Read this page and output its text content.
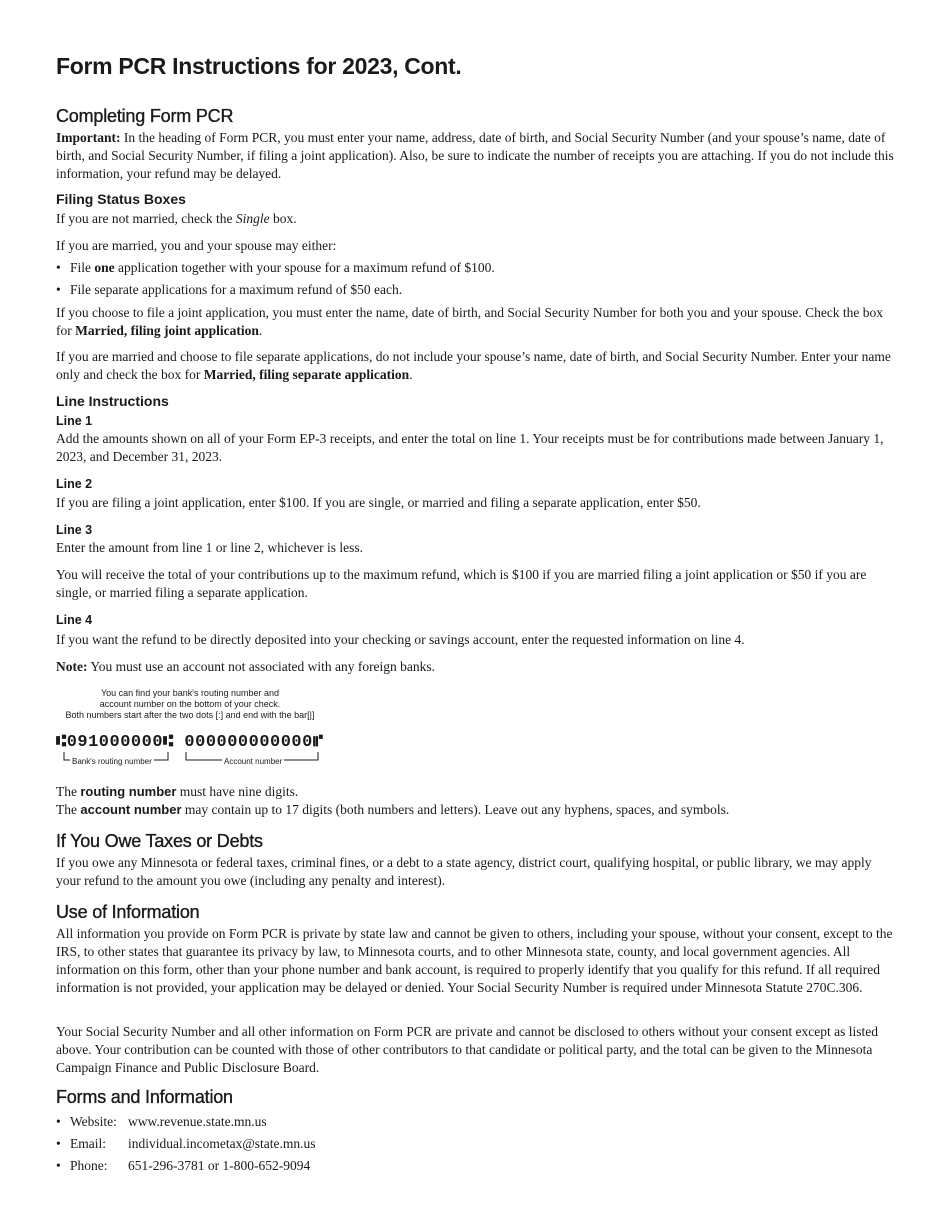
Form PCR Instructions for 2023, Cont.
Completing Form PCR

Important: In the heading of Form PCR, you must enter your name, address, date of birth, and Social Security Number (and your spouse’s name, date of birth, and Social Security Number, if filing a joint application). Also, be sure to indicate the number of receipts you are attaching. If you do not include this information, your refund may be delayed.

Filing Status Boxes

If you are not married, check the Single box.

If you are married, you and your spouse may either:

• File one application together with your spouse for a maximum refund of $100.

• File separate applications for a maximum refund of $50 each.

If you choose to file a joint application, you must enter the name, date of birth, and Social Security Number for both you and your spouse. Check the box for Married, filing joint application.

If you are married and choose to file separate applications, do not include your spouse’s name, date of birth, and Social Security Number. Enter your name only and check the box for Married, filing separate application.

Line Instructions
Line 1

Add the amounts shown on all of your Form EP-3 receipts, and enter the total on line 1. Your receipts must be for contributions made between January 1, 2023, and December 31, 2023.

Line 2

If you are filing a joint application, enter $100. If you are single, or married and filing a separate application, enter $50.

Line 3

Enter the amount from line 1 or line 2, whichever is less.

You will receive the total of your contributions up to the maximum refund, which is $100 if you are married filing a joint application or $50 if you are single, or married filing a separate application.

Line 4

If you want the refund to be directly deposited into your checking or savings account, enter the requested information on line 4.

Note: You must use an account not associated with any foreign banks.

You can find your bank's routing number and
account number on the bottom of your check.
Both numbers start after the two dots [:] and end with the bar[|]
⑆091000000⑆ 000000000000⑈
Bank's routing number	Account number

The routing number must have nine digits.

The account number may contain up to 17 digits (both numbers and letters). Leave out any hyphens, spaces, and symbols.

If You Owe Taxes or Debts

If you owe any Minnesota or federal taxes, criminal fines, or a debt to a state agency, district court, qualifying hospital, or public library, we may apply your refund to the amount you owe (including any penalty and interest).

Use of Information

All information you provide on Form PCR is private by state law and cannot be given to others, including your spouse, without your consent, except to the IRS, to other states that guarantee its privacy by law, to Minnesota courts, and to other Minnesota state, county, and local government agencies. All information on this form, other than your phone number and bank account, is required to properly identify that you qualify for this refund. If all required information is not provided, your application may be delayed or denied. Your Social Security Number is required under Minnesota Statute 270C.306.

Your Social Security Number and all other information on Form PCR are private and cannot be disclosed to others without your consent except as listed above. Your contribution can be counted with those of other contributors to that candidate or political party, and the total can be given to the Minnesota Campaign Finance and Public Disclosure Board.

Forms and Information

• Website: www.revenue.state.mn.us

• Email: individual.incometax@state.mn.us

• Phone: 651-296-3781 or 1-800-652-9094
